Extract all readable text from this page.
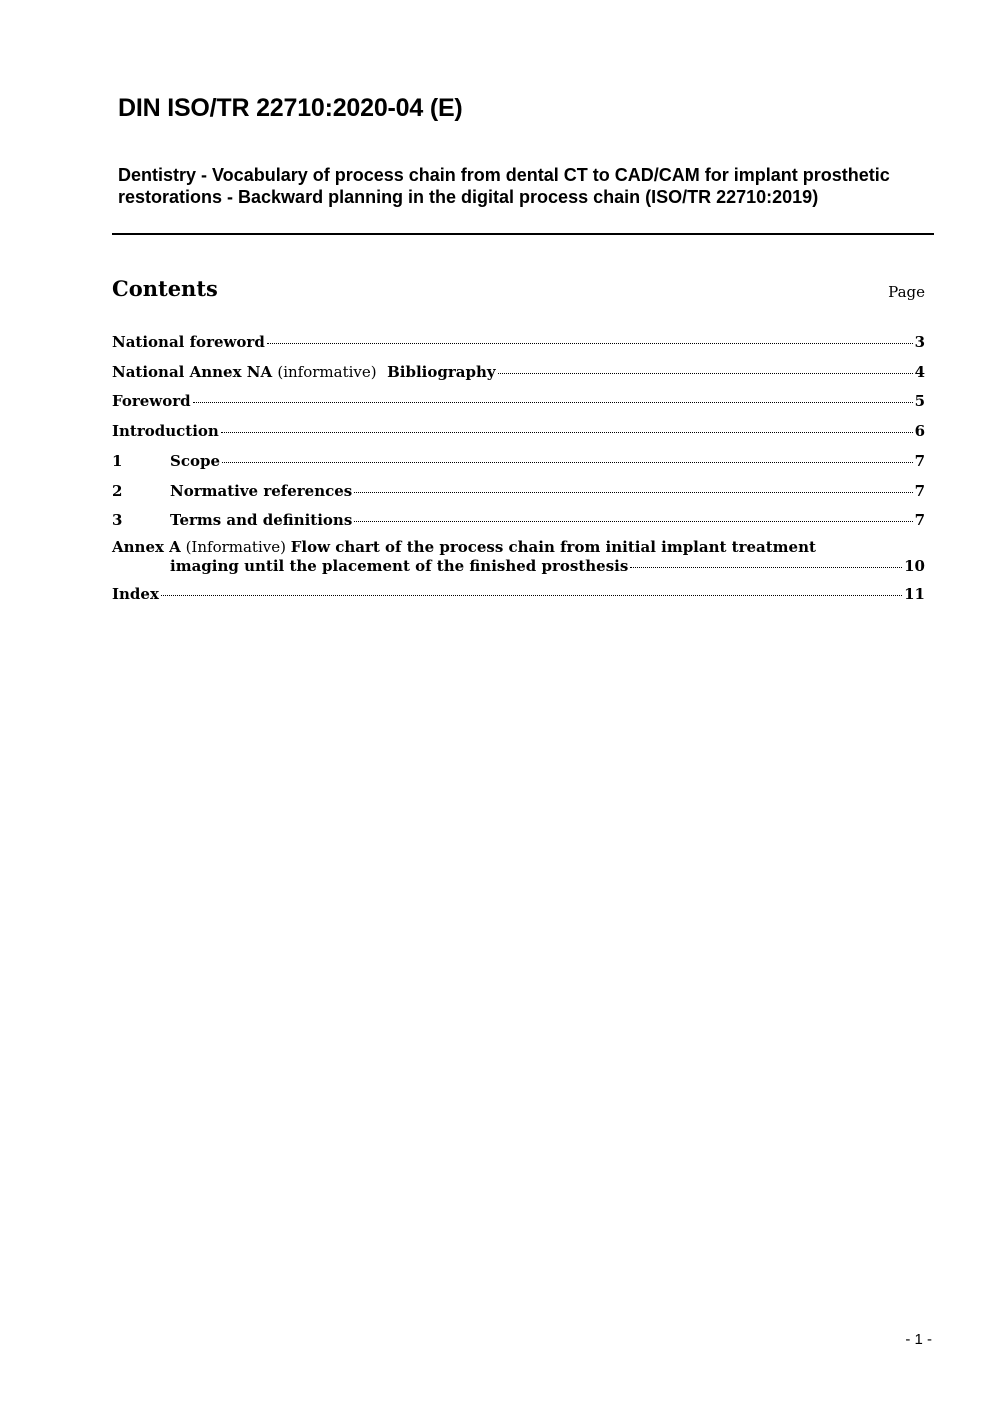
DIN ISO/TR 22710:2020-04 (E)
Dentistry - Vocabulary of process chain from dental CT to CAD/CAM for implant prosthetic restorations - Backward planning in the digital process chain (ISO/TR 22710:2019)
Contents	Page
National foreword	3
National Annex NA (informative) Bibliography	4
Foreword	5
Introduction	6
1	Scope	7
2	Normative references	7
3	Terms and definitions	7
Annex A (Informative) Flow chart of the process chain from initial implant treatment
imaging until the placement of the finished prosthesis	10
Index	11
- 1 -
